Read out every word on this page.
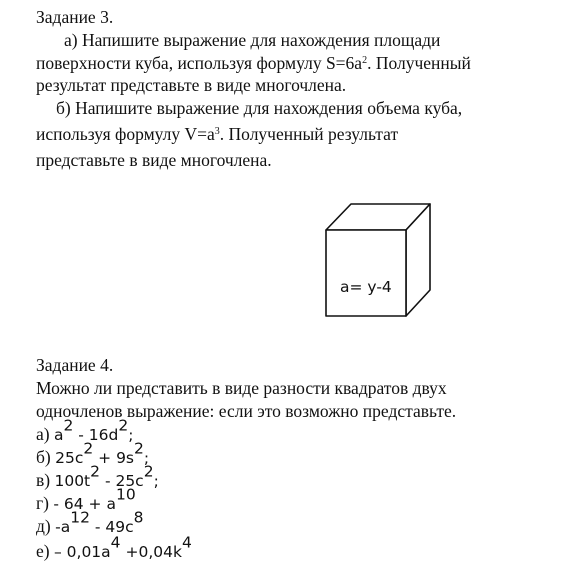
Задание 3.
а) Напишите выражение для нахождения площади
поверхности куба, используя формулу $S=6a^2$. Полученный
результат представьте в виде многочлена.
б) Напишите выражение для нахождения объема куба,
используя формулу $V=a^3$. Полученный результат
представьте в виде многочлена.
a= y-4
Задание 4.
Можно ли представить в виде разности квадратов двух
одночленов выражение: если это возможно представьте.
а) $a^2 - 16d^2$;
б) $25c^2 + 9s^2$;
в) $100t^2 - 25c^2$;
$г) - 64 + a^{10}$
д) $-a^{12} - 49c^8$
$е) - 0,01a^4 +0,04k^4$
